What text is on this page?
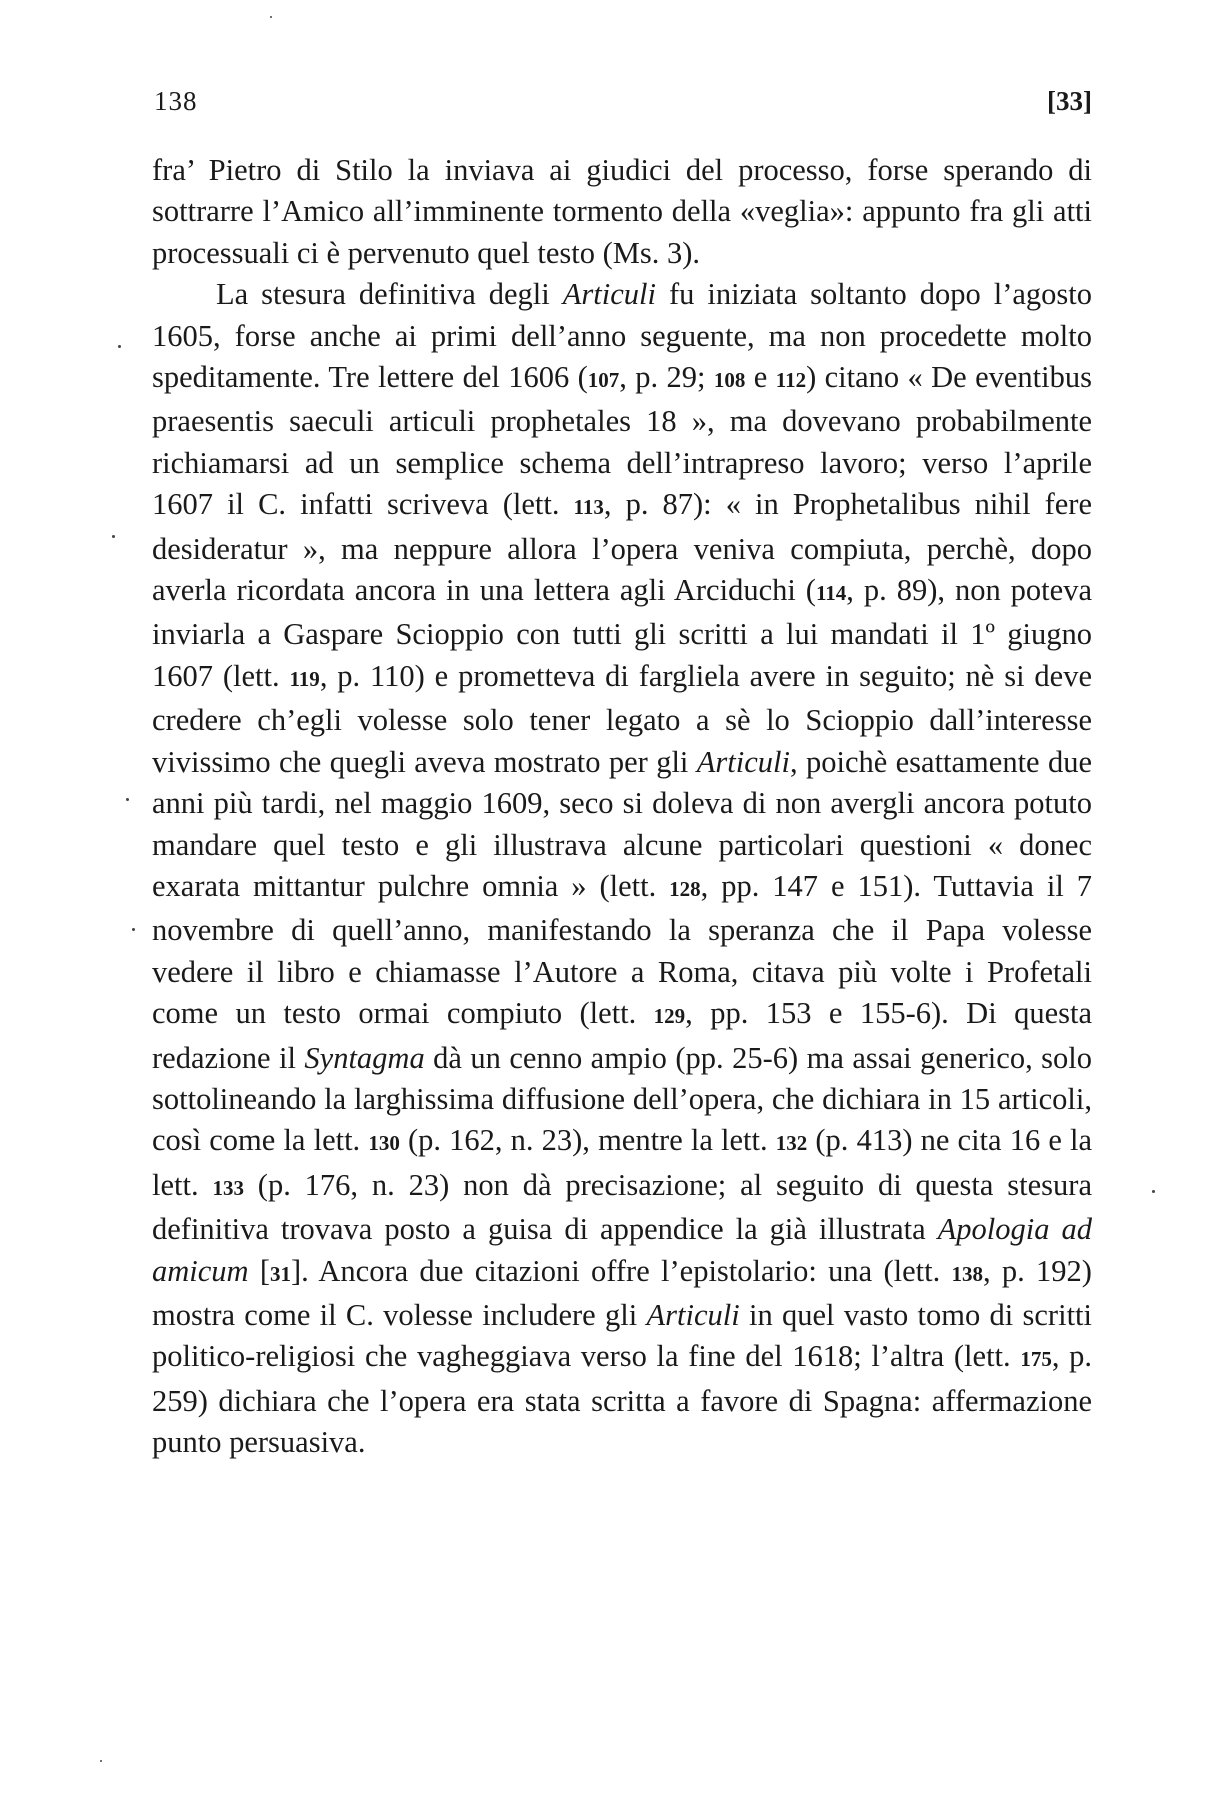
138	[33]

fra’ Pietro di Stilo la inviava ai giudici del processo, forse sperando di sottrarre l’Amico all’imminente tormento della «veglia»: appunto fra gli atti processuali ci è pervenuto quel testo (Ms. 3).

La stesura definitiva degli Articuli fu iniziata soltanto dopo l’agosto 1605, forse anche ai primi dell’anno seguente, ma non procedette molto speditamente. Tre lettere del 1606 (107, p. 29; 108 e 112) citano « De eventibus praesentis saeculi articuli prophetales 18 », ma dovevano probabilmente richiamarsi ad un semplice schema dell’intrapreso lavoro; verso l’aprile 1607 il C. infatti scriveva (lett. 113, p. 87): « in Prophetalibus nihil fere desideratur », ma neppure allora l’opera veniva compiuta, perchè, dopo averla ricordata ancora in una lettera agli Arciduchi (114, p. 89), non poteva inviarla a Gaspare Scioppio con tutti gli scritti a lui mandati il 1º giugno 1607 (lett. 119, p. 110) e prometteva di fargliela avere in seguito; nè si deve credere ch’egli volesse solo tener legato a sè lo Scioppio dall’interesse vivissimo che quegli aveva mostrato per gli Articuli, poichè esattamente due anni più tardi, nel maggio 1609, seco si doleva di non avergli ancora potuto mandare quel testo e gli illustrava alcune particolari questioni « donec exarata mittantur pulchre omnia » (lett. 128, pp. 147 e 151). Tuttavia il 7 novembre di quell’anno, manifestando la speranza che il Papa volesse vedere il libro e chiamasse l’Autore a Roma, citava più volte i Profetali come un testo ormai compiuto (lett. 129, pp. 153 e 155-6). Di questa redazione il Syntagma dà un cenno ampio (pp. 25-6) ma assai generico, solo sottolineando la larghissima diffusione dell’opera, che dichiara in 15 articoli, così come la lett. 130 (p. 162, n. 23), mentre la lett. 132 (p. 413) ne cita 16 e la lett. 133 (p. 176, n. 23) non dà precisazione; al seguito di questa stesura definitiva trovava posto a guisa di appendice la già illustrata Apologia ad amicum [31]. Ancora due citazioni offre l’epistolario: una (lett. 138, p. 192) mostra come il C. volesse includere gli Articuli in quel vasto tomo di scritti politico-religiosi che vagheggiava verso la fine del 1618; l’altra (lett. 175, p. 259) dichiara che l’opera era stata scritta a favore di Spagna: affermazione punto persuasiva.
